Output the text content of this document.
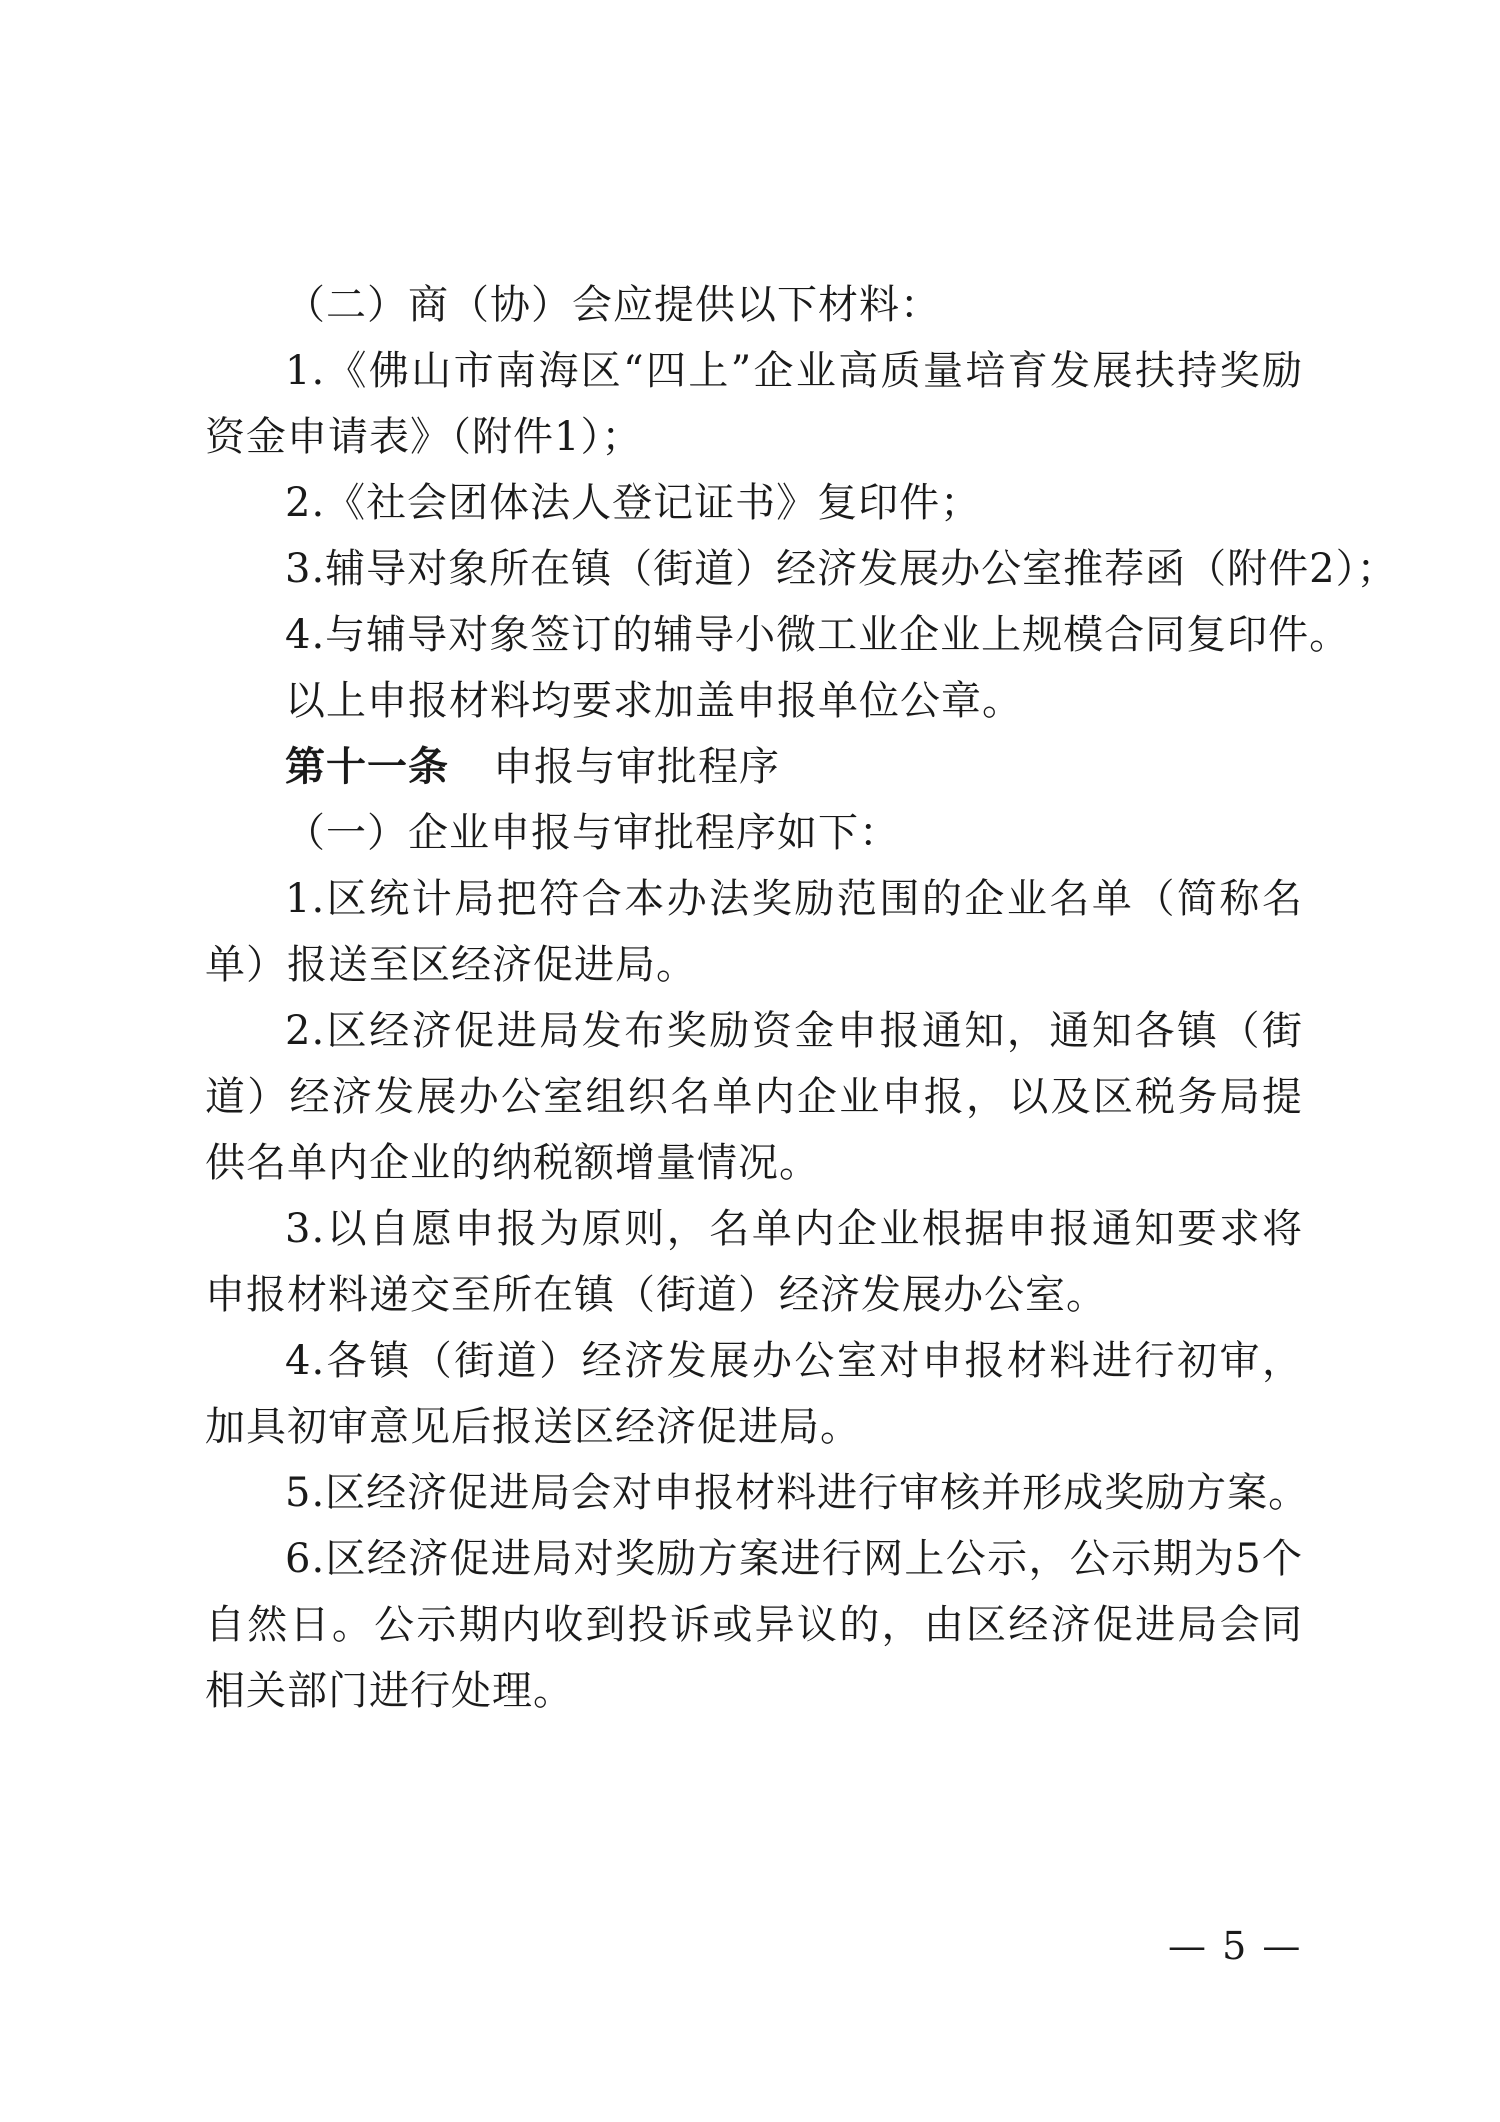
（二）商（协）会应提供以下材料：

1.《佛山市南海区“四上”企业高质量培育发展扶持奖励资金申请表》（附件1）；

2.《社会团体法人登记证书》复印件；

3.辅导对象所在镇（街道）经济发展办公室推荐函（附件2）；

4.与辅导对象签订的辅导小微工业企业上规模合同复印件。

以上申报材料均要求加盖申报单位公章。

第十一条 申报与审批程序

（一）企业申报与审批程序如下：

1.区统计局把符合本办法奖励范围的企业名单（简称名单）报送至区经济促进局。

2.区经济促进局发布奖励资金申报通知，通知各镇（街道）经济发展办公室组织名单内企业申报，以及区税务局提供名单内企业的纳税额增量情况。

3.以自愿申报为原则，名单内企业根据申报通知要求将申报材料递交至所在镇（街道）经济发展办公室。

4.各镇（街道）经济发展办公室对申报材料进行初审，加具初审意见后报送区经济促进局。

5.区经济促进局会对申报材料进行审核并形成奖励方案。

6.区经济促进局对奖励方案进行网上公示，公示期为5个自然日。公示期内收到投诉或异议的，由区经济促进局会同相关部门进行处理。

— 5 —
